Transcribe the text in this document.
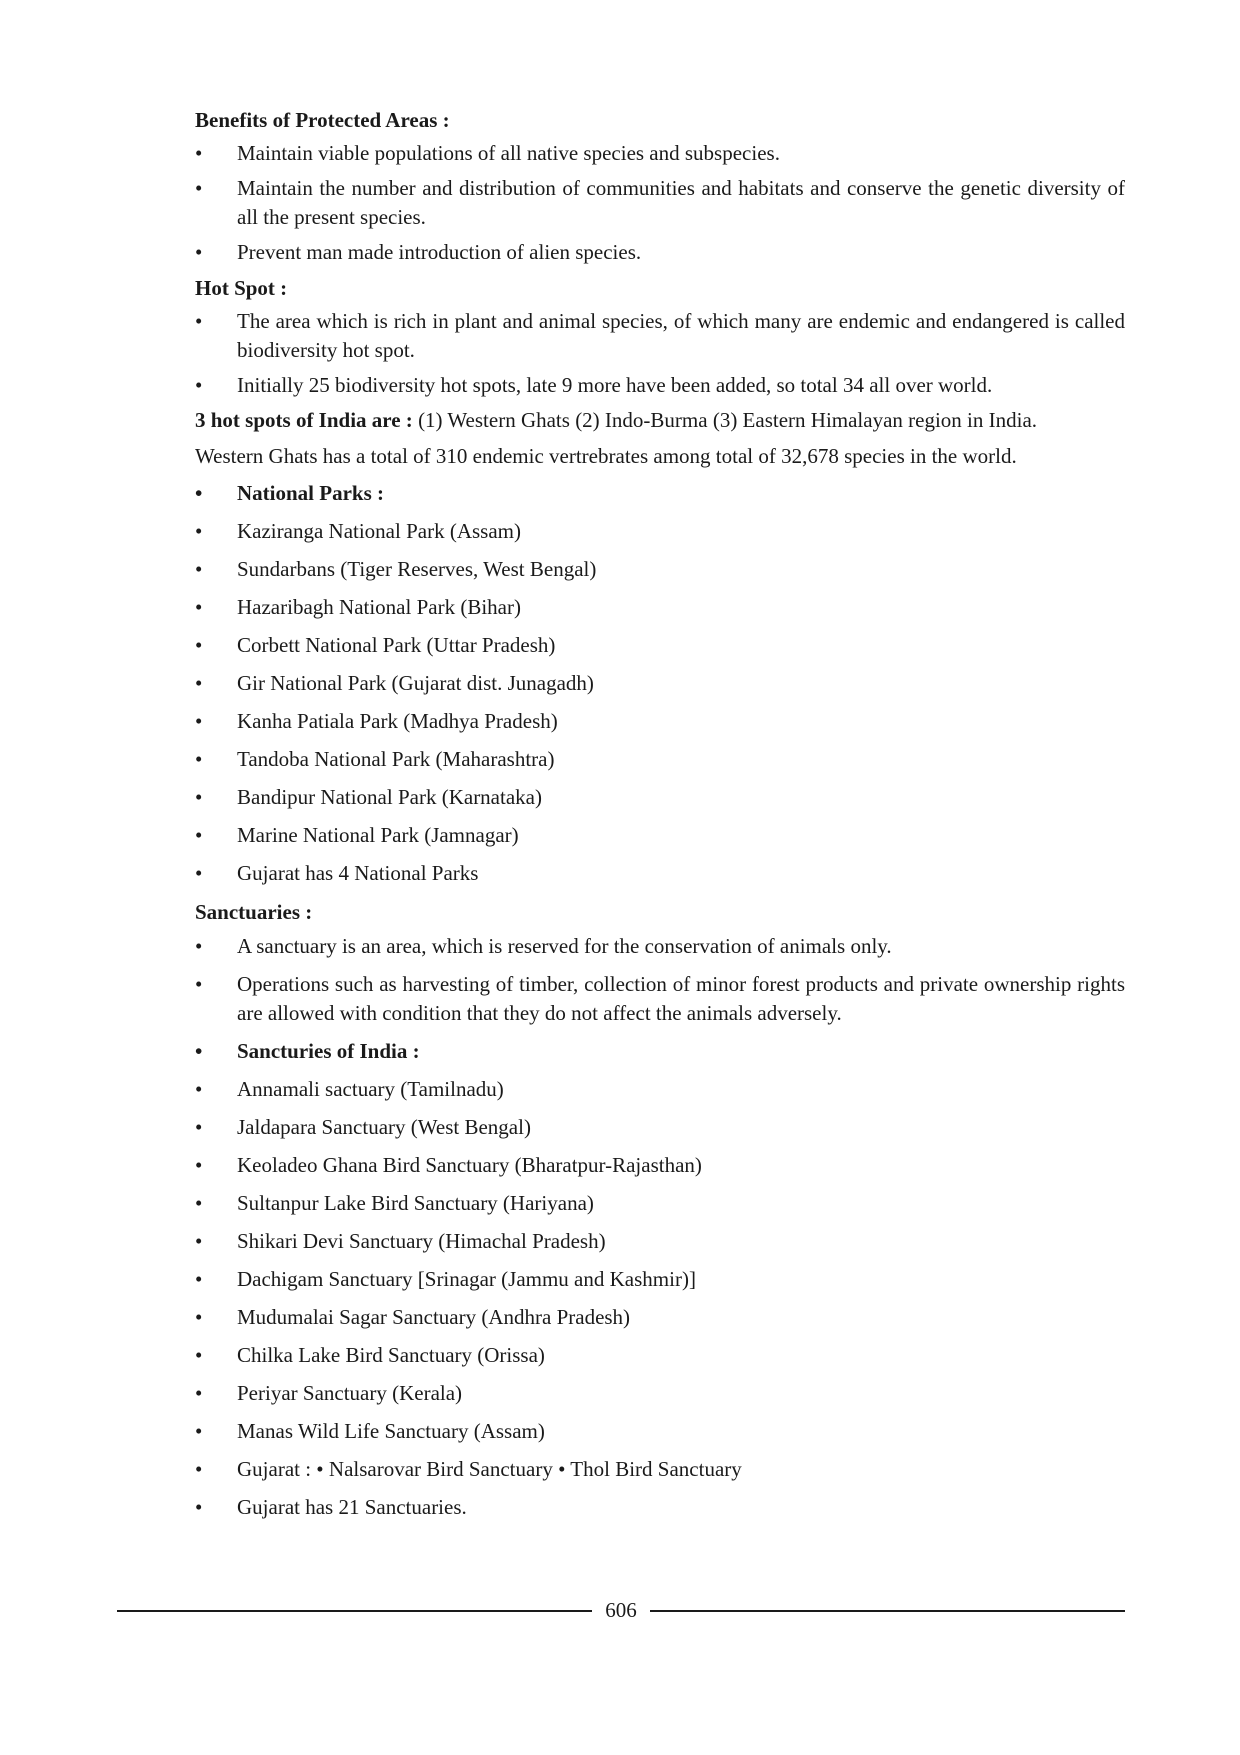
Benefits of Protected Areas :
•	Maintain viable populations of all native species and subspecies.
•	Maintain the number and distribution of communities and habitats and conserve the genetic diversity of all the present species.
•	Prevent man made introduction of alien species.
Hot Spot :
•	The area which is rich in plant and animal species, of which many are endemic and endangered is called biodiversity hot spot.
•	Initially 25 biodiversity hot spots, late 9 more have been added, so total 34 all over world.

3 hot spots of India are : (1) Western Ghats (2) Indo-Burma (3) Eastern Himalayan region in India.

Western Ghats has a total of 310 endemic vertrebrates among total of 32,678 species in the world.

•	National Parks :
•	Kaziranga National Park (Assam)
•	Sundarbans (Tiger Reserves, West Bengal)
•	Hazaribagh National Park (Bihar)
•	Corbett National Park (Uttar Pradesh)
•	Gir National Park (Gujarat dist. Junagadh)
•	Kanha Patiala Park (Madhya Pradesh)
•	Tandoba National Park (Maharashtra)
•	Bandipur National Park (Karnataka)
•	Marine National Park (Jamnagar)
•	Gujarat has 4 National Parks
Sanctuaries :
•	A sanctuary is an area, which is reserved for the conservation of animals only.
•	Operations such as harvesting of timber, collection of minor forest products and private ownership rights are allowed with condition that they do not affect the animals adversely.
•	Sancturies of India :
•	Annamali sactuary (Tamilnadu)
•	Jaldapara Sanctuary (West Bengal)
•	Keoladeo Ghana Bird Sanctuary (Bharatpur-Rajasthan)
•	Sultanpur Lake Bird Sanctuary (Hariyana)
•	Shikari Devi Sanctuary (Himachal Pradesh)
•	Dachigam Sanctuary [Srinagar (Jammu and Kashmir)]
•	Mudumalai Sagar Sanctuary (Andhra Pradesh)
•	Chilka Lake Bird Sanctuary (Orissa)
•	Periyar Sanctuary (Kerala)
•	Manas Wild Life Sanctuary (Assam)
•	Gujarat : • Nalsarovar Bird Sanctuary • Thol Bird Sanctuary
•	Gujarat has 21 Sanctuaries.
606
